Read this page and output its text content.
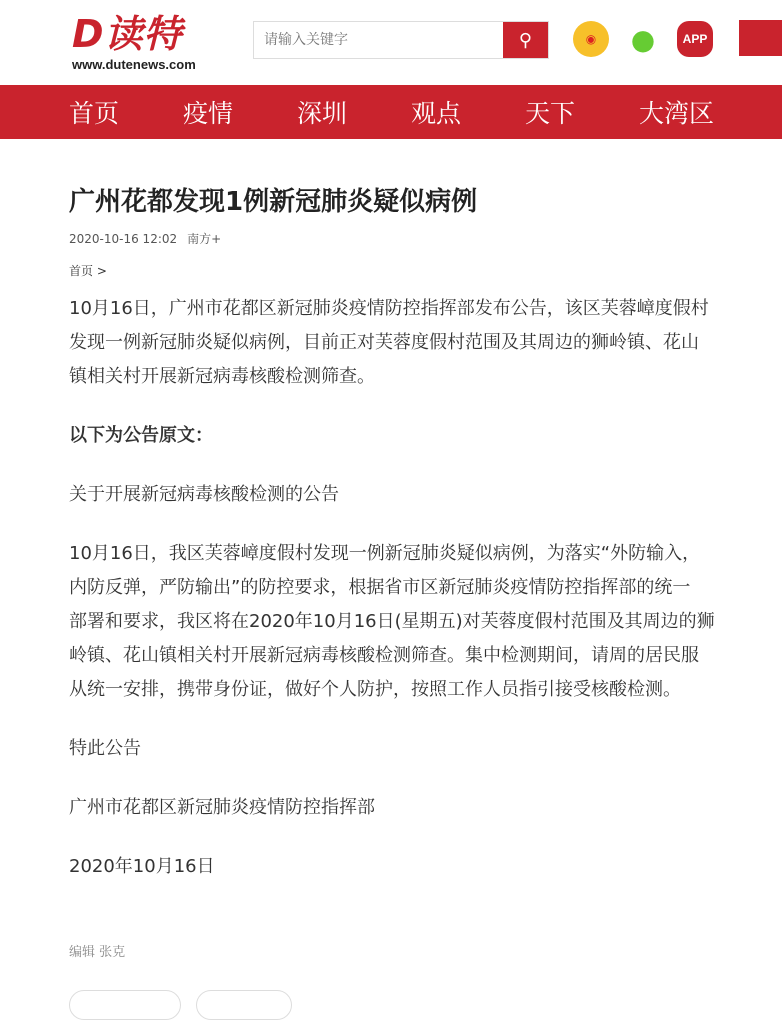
D读特
www.dutenews.com
请输入关键字
⚲	◉	●	APP
首页	疫情	深圳	观点	天下	大湾区
广州花都发现1例新冠肺炎疑似病例
2020-10-16 12:02 南方+
首页 >

10月16日，广州市花都区新冠肺炎疫情防控指挥部发布公告，该区芙蓉嶂度假村
发现一例新冠肺炎疑似病例，目前正对芙蓉度假村范围及其周边的狮岭镇、花山
镇相关村开展新冠病毒核酸检测筛查。

以下为公告原文：

关于开展新冠病毒核酸检测的公告

10月16日，我区芙蓉嶂度假村发现一例新冠肺炎疑似病例，为落实“外防输入，
内防反弹，严防输出”的防控要求，根据省市区新冠肺炎疫情防控指挥部的统一
部署和要求，我区将在2020年10月16日(星期五)对芙蓉度假村范围及其周边的狮
岭镇、花山镇相关村开展新冠病毒核酸检测筛查。集中检测期间，请周的居民服
从统一安排，携带身份证，做好个人防护，按照工作人员指引接受核酸检测。

特此公告

广州市花都区新冠肺炎疫情防控指挥部

2020年10月16日

编辑 张克
